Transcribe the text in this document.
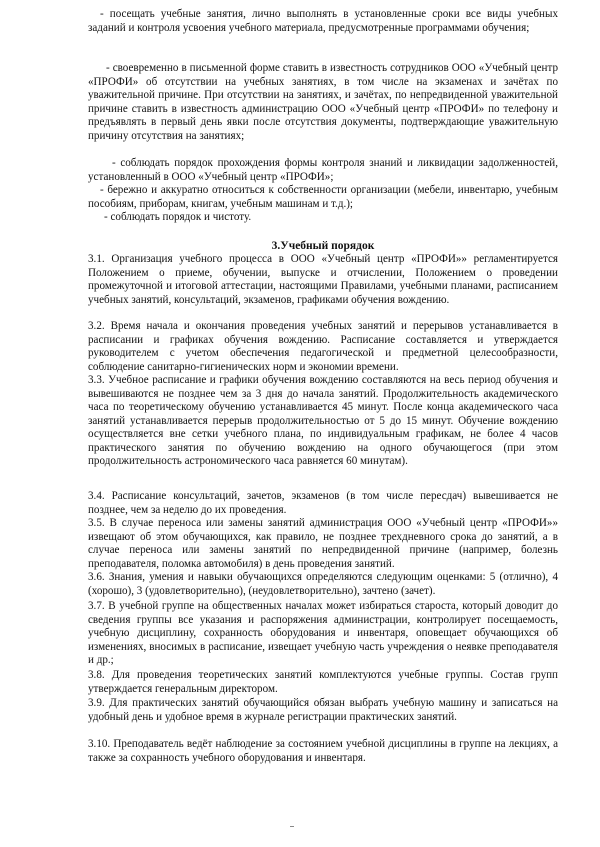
- посещать учебные занятия, лично выполнять в установленные сроки все виды учебных заданий и контроля усвоения учебного материала, предусмотренные программами обучения;

- своевременно в письменной форме ставить в известность сотрудников ООО «Учебный центр «ПРОФИ» об отсутствии на учебных занятиях, в том числе на экзаменах и зачётах по уважительной причине. При отсутствии на занятиях, и зачётах, по непредвиденной уважительной причине ставить в известность администрацию ООО «Учебный центр «ПРОФИ» по телефону и предъявлять в первый день явки после отсутствия документы, подтверждающие уважительную причину отсутствия на занятиях;

- соблюдать порядок прохождения формы контроля знаний и ликвидации задолженностей, установленный в ООО «Учебный центр «ПРОФИ»;

- бережно и аккуратно относиться к собственности организации (мебели, инвентарю, учебным пособиям, приборам, книгам, учебным машинам и т.д.);

- соблюдать порядок и чистоту.

3.Учебный порядок

3.1. Организация учебного процесса в ООО «Учебный центр «ПРОФИ»» регламентируется Положением о приеме, обучении, выпуске и отчислении, Положением о проведении промежуточной и итоговой аттестации, настоящими Правилами, учебными планами, расписанием учебных занятий, консультаций, экзаменов, графиками обучения вождению.

3.2. Время начала и окончания проведения учебных занятий и перерывов устанавливается в расписании и графиках обучения вождению. Расписание составляется и утверждается руководителем с учетом обеспечения педагогической и предметной целесообразности, соблюдение санитарно-гигиенических норм и экономии времени.

3.3. Учебное расписание и графики обучения вождению составляются на весь период обучения и вывешиваются не позднее чем за 3 дня до начала занятий. Продолжительность академического часа по теоретическому обучению устанавливается 45 минут. После конца академического часа занятий устанавливается перерыв продолжительностью от 5 до 15 минут. Обучение вождению осуществляется вне сетки учебного плана, по индивидуальным графикам, не более 4 часов практического занятия по обучению вождению на одного обучающегося (при этом продолжительность астрономического часа равняется 60 минутам).

3.4. Расписание консультаций, зачетов, экзаменов (в том числе пересдач) вывешивается не позднее, чем за неделю до их проведения.

3.5. В случае переноса или замены занятий администрация ООО «Учебный центр «ПРОФИ»» извещают об этом обучающихся, как правило, не позднее трехдневного срока до занятий, а в случае переноса или замены занятий по непредвиденной причине (например, болезнь преподавателя, поломка автомобиля) в день проведения занятий.

3.6. Знания, умения и навыки обучающихся определяются следующим оценками: 5 (отлично), 4 (хорошо), 3 (удовлетворительно), (неудовлетворительно), зачтено (зачет).

3.7. В учебной группе на общественных началах может избираться староста, который доводит до сведения группы все указания и распоряжения администрации, контролирует посещаемость, учебную дисциплину, сохранность оборудования и инвентаря, оповещает обучающихся об изменениях, вносимых в расписание, извещает учебную часть учреждения о неявке преподавателя и др.;

3.8. Для проведения теоретических занятий комплектуются учебные группы. Состав групп утверждается генеральным директором.

3.9. Для практических занятий обучающийся обязан выбрать учебную машину и записаться на удобный день и удобное время в журнале регистрации практических занятий.

3.10. Преподаватель ведёт наблюдение за состоянием учебной дисциплины в группе на лекциях, а также за сохранность учебного оборудования и инвентаря.
